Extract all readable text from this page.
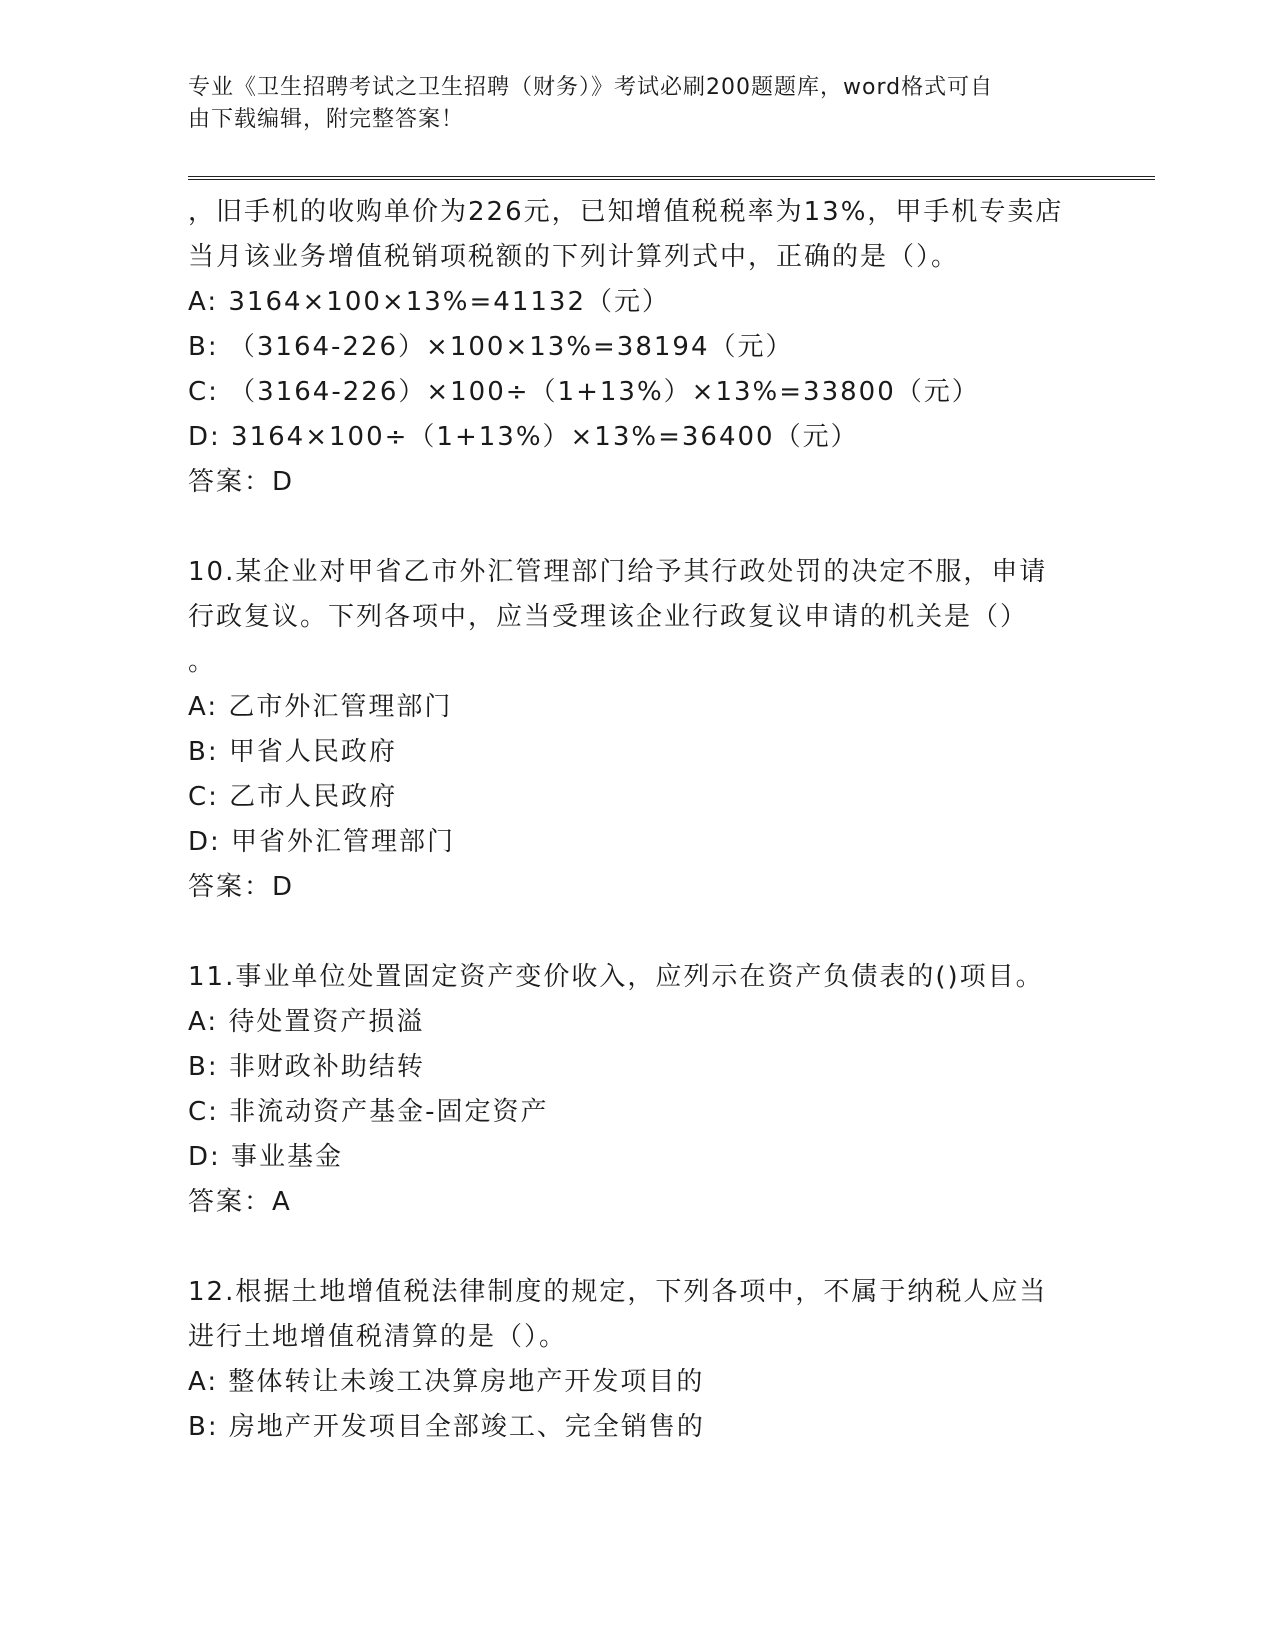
专业《卫生招聘考试之卫生招聘（财务）》考试必刷200题题库，word格式可自
由下载编辑，附完整答案！
，旧手机的收购单价为226元，已知增值税税率为13%，甲手机专卖店
当月该业务增值税销项税额的下列计算列式中，正确的是（）。
A: 3164×100×13%=41132（元）
B: （3164-226）×100×13%=38194（元）
C: （3164-226）×100÷（1+13%）×13%=33800（元）
D: 3164×100÷（1+13%）×13%=36400（元）
答案：D
10.某企业对甲省乙市外汇管理部门给予其行政处罚的决定不服，申请
行政复议。下列各项中，应当受理该企业行政复议申请的机关是（）
。
A: 乙市外汇管理部门
B: 甲省人民政府
C: 乙市人民政府
D: 甲省外汇管理部门
答案：D
11.事业单位处置固定资产变价收入，应列示在资产负债表的()项目。
A: 待处置资产损溢
B: 非财政补助结转
C: 非流动资产基金-固定资产
D: 事业基金
答案：A
12.根据土地增值税法律制度的规定，下列各项中，不属于纳税人应当
进行土地增值税清算的是（）。
A: 整体转让未竣工决算房地产开发项目的
B: 房地产开发项目全部竣工、完全销售的
